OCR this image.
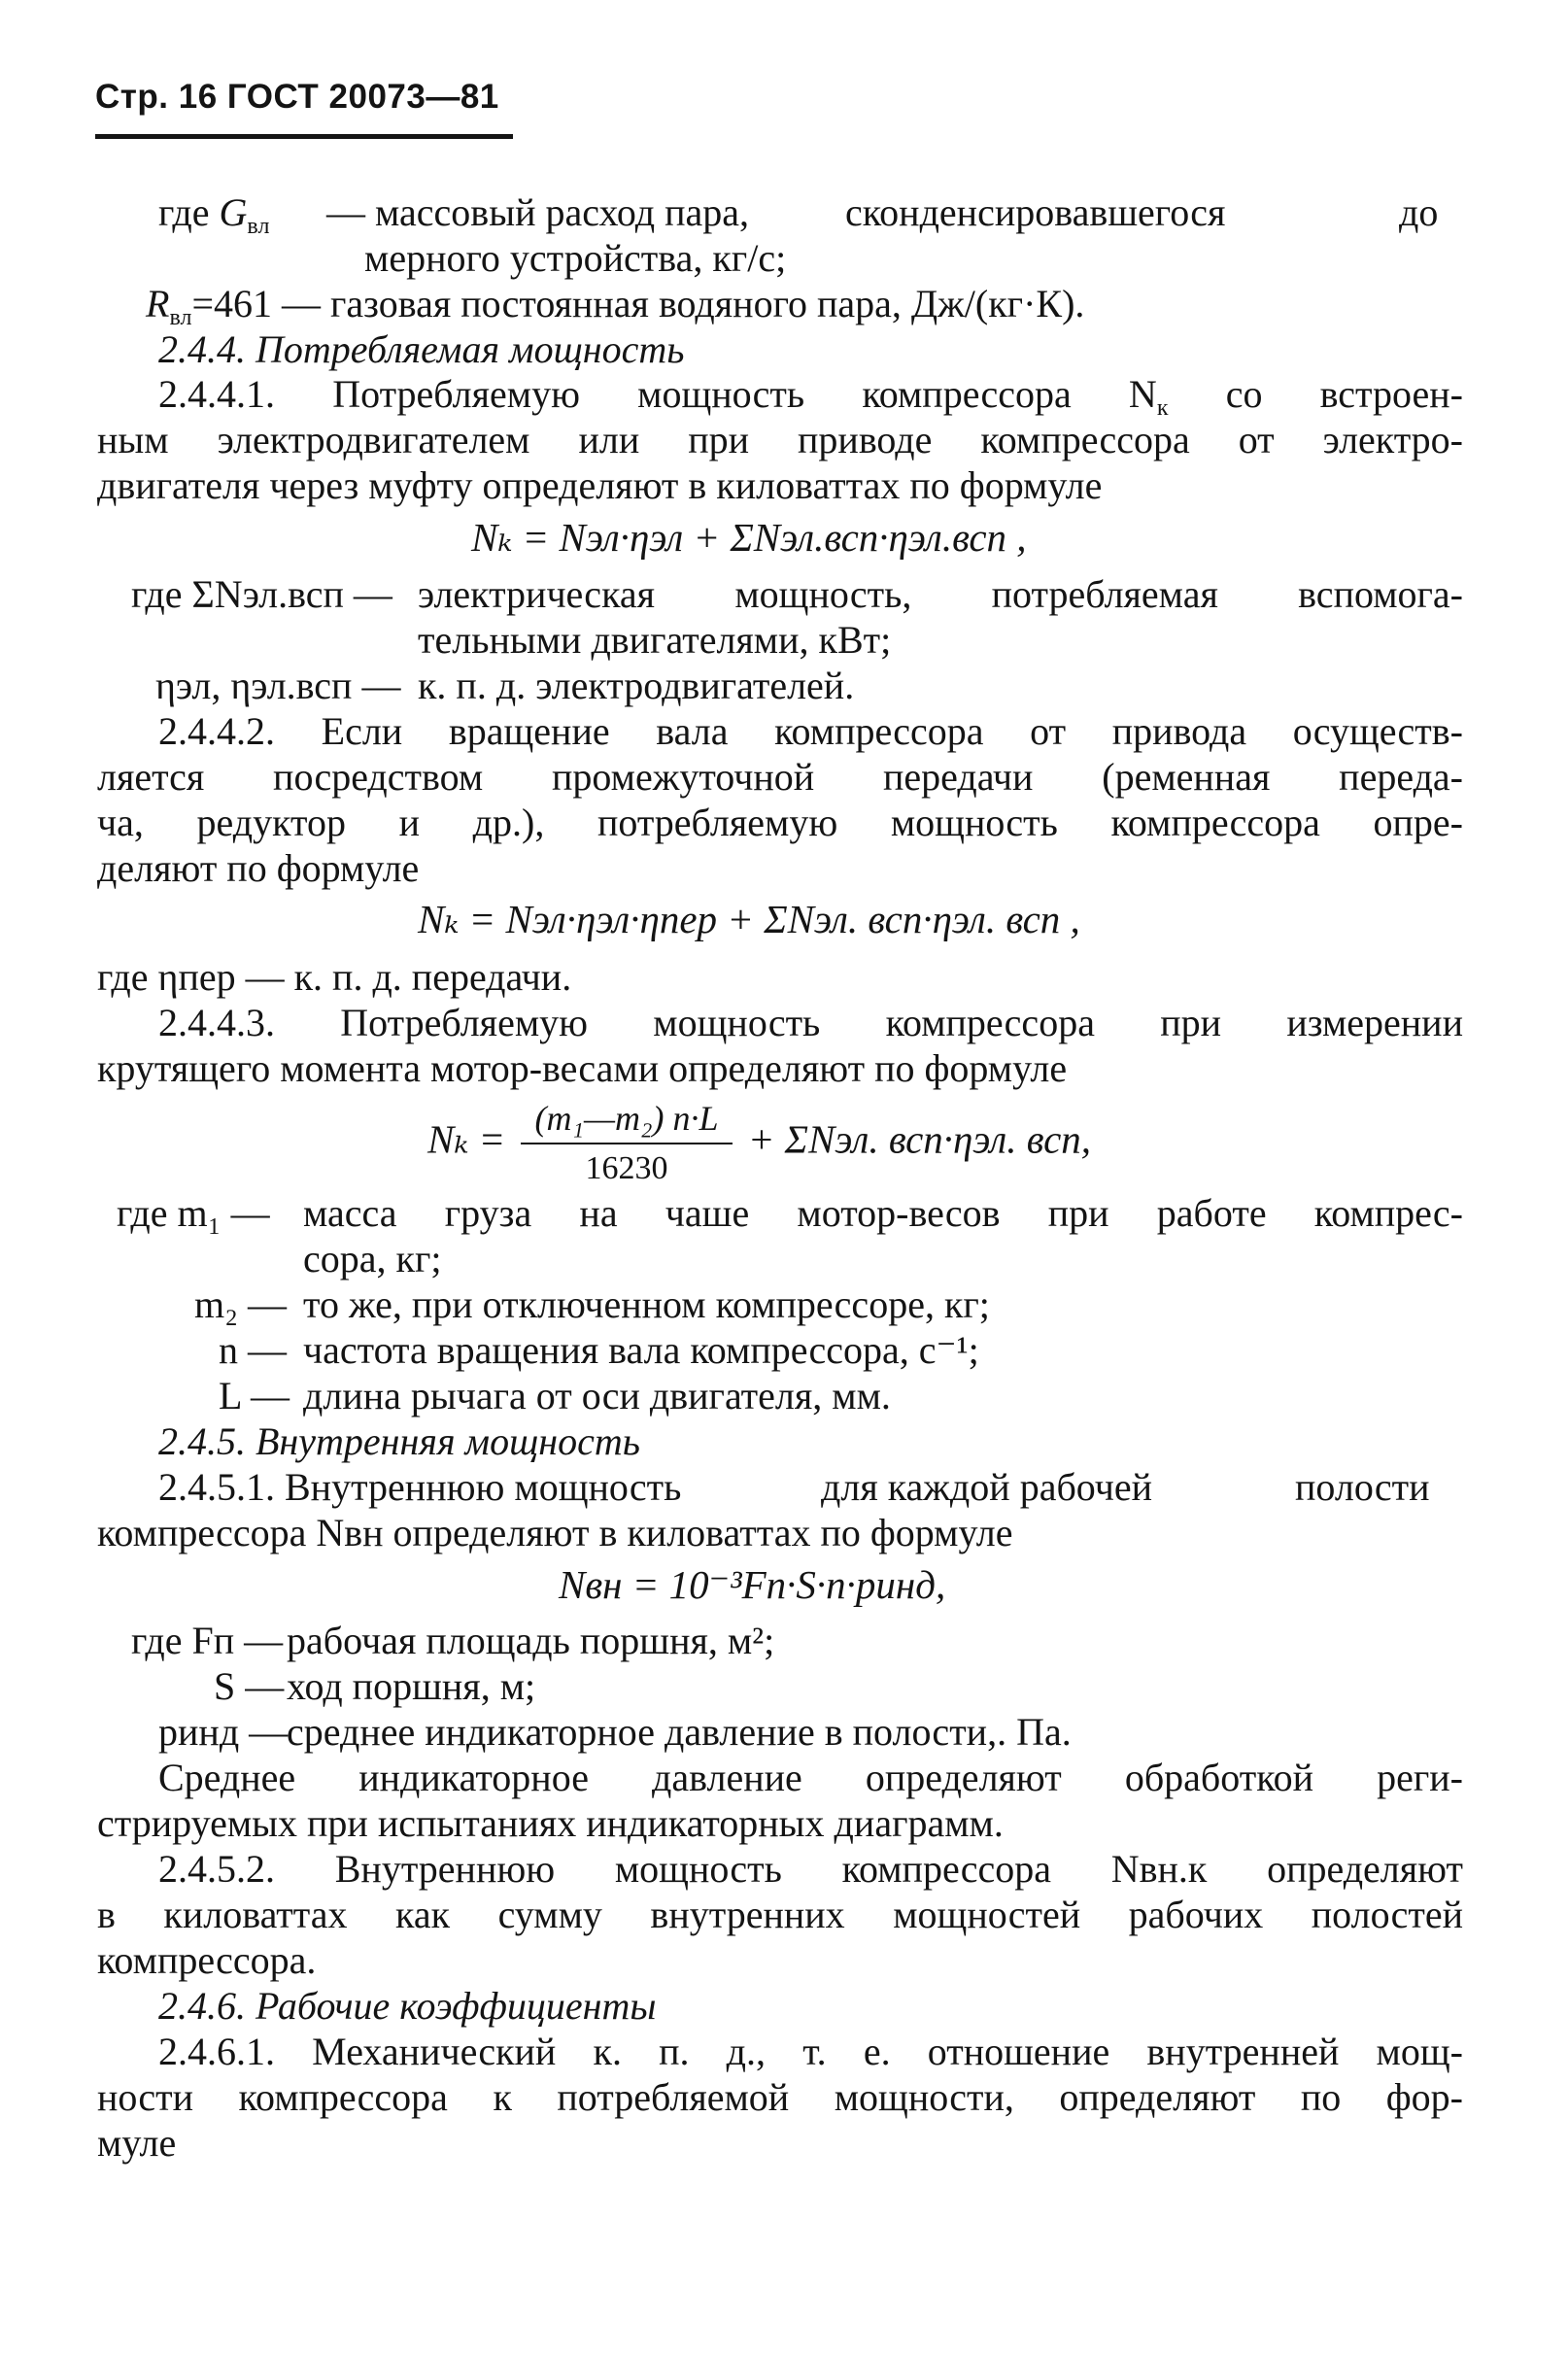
Стр. 16 ГОСТ 20073—81
где $G_{вл}$ — массовый расход пара, сконденсировавшегося	до
мерного устройства, кг/с;
$R_{вл}=461$ — газовая постоянная водяного пара, Дж/(кг·К).
2.4.4. Потребляемая мощность
2.4.4.1. Потребляемую мощность компрессора $N_к$ со встроен-
ным электродвигателем или при приводе компрессора от электро-
двигателя через муфту определяют в киловаттах по формуле
Nₖ = Nэл·ηэл + ΣNэл.всп·ηэл.всп ,
где ΣNэл.всп — электрическая мощность, потребляемая вспомога-
тельными двигателями, кВт;
ηэл, ηэл.всп — к. п. д. электродвигателей.
2.4.4.2. Если вращение вала компрессора от привода осуществ-
ляется посредством промежуточной передачи (ременная переда-
ча, редуктор и др.), потребляемую мощность компрессора опре-
деляют по формуле
Nₖ = Nэл·ηэл·ηпер + ΣNэл. всп·ηэл. всп ,
где ηпер — к. п. д. передачи.
2.4.4.3. Потребляемую мощность компрессора при измерении
крутящего момента мотор-весами определяют по формуле
$N_k = \frac{\text{(m₁—m₂) n·L}}{16230} + \Sigma Nэл$. всп·ηэл. всп,
где m₁ — масса груза на чаше мотор-весов при работе компрес-
сора, кг;
m₂ — то же, при отключенном компрессоре, кг;
n — частота вращения вала компрессора, с⁻¹;
L — длина рычага от оси двигателя, мм.
2.4.5. Внутренняя мощность
2.4.5.1. Внутреннюю мощность	для каждой рабочей	полости
компрессора Nвн определяют в киловаттах по формуле
Nвн = 10⁻³Fп·S·n·pинд,
где Fп — рабочая площадь поршня, м²;
S — ход поршня, м;
pинд —
среднее индикаторное давление в полости,. Па.
Среднее индикаторное давление определяют обработкой реги-
стрируемых при испытаниях индикаторных диаграмм.
2.4.5.2. Внутреннюю мощность компрессора Nвн.к определяют
в киловаттах как сумму внутренних мощностей рабочих полостей
компрессора.
2.4.6. Рабочие коэффициенты
2.4.6.1. Механический к. п. д., т. е. отношение внутренней мощ-
ности компрессора к потребляемой мощности, определяют по фор-
муле
